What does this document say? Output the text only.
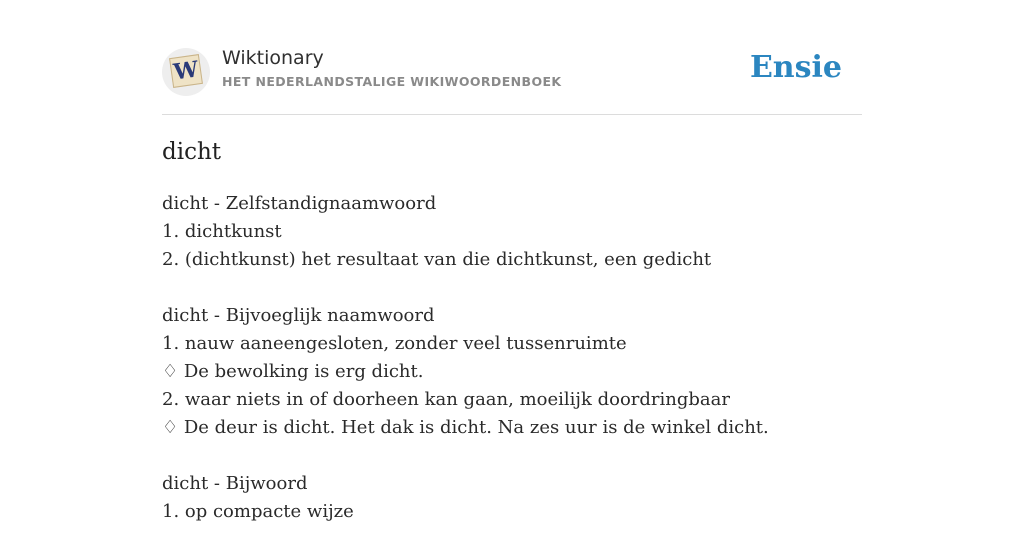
W Wiktionary
HET NEDERLANDSTALIGE WIKIWOORDENBOEK	Ensie
dicht
dicht - Zelfstandignaamwoord
1. dichtkunst
2. (dichtkunst) het resultaat van die dichtkunst, een gedicht
dicht - Bijvoeglijk naamwoord
1. nauw aaneengesloten, zonder veel tussenruimte
♢ De bewolking is erg dicht.
2. waar niets in of doorheen kan gaan, moeilijk doordringbaar
♢ De deur is dicht. Het dak is dicht. Na zes uur is de winkel dicht.
dicht - Bijwoord
1. op compacte wijze
